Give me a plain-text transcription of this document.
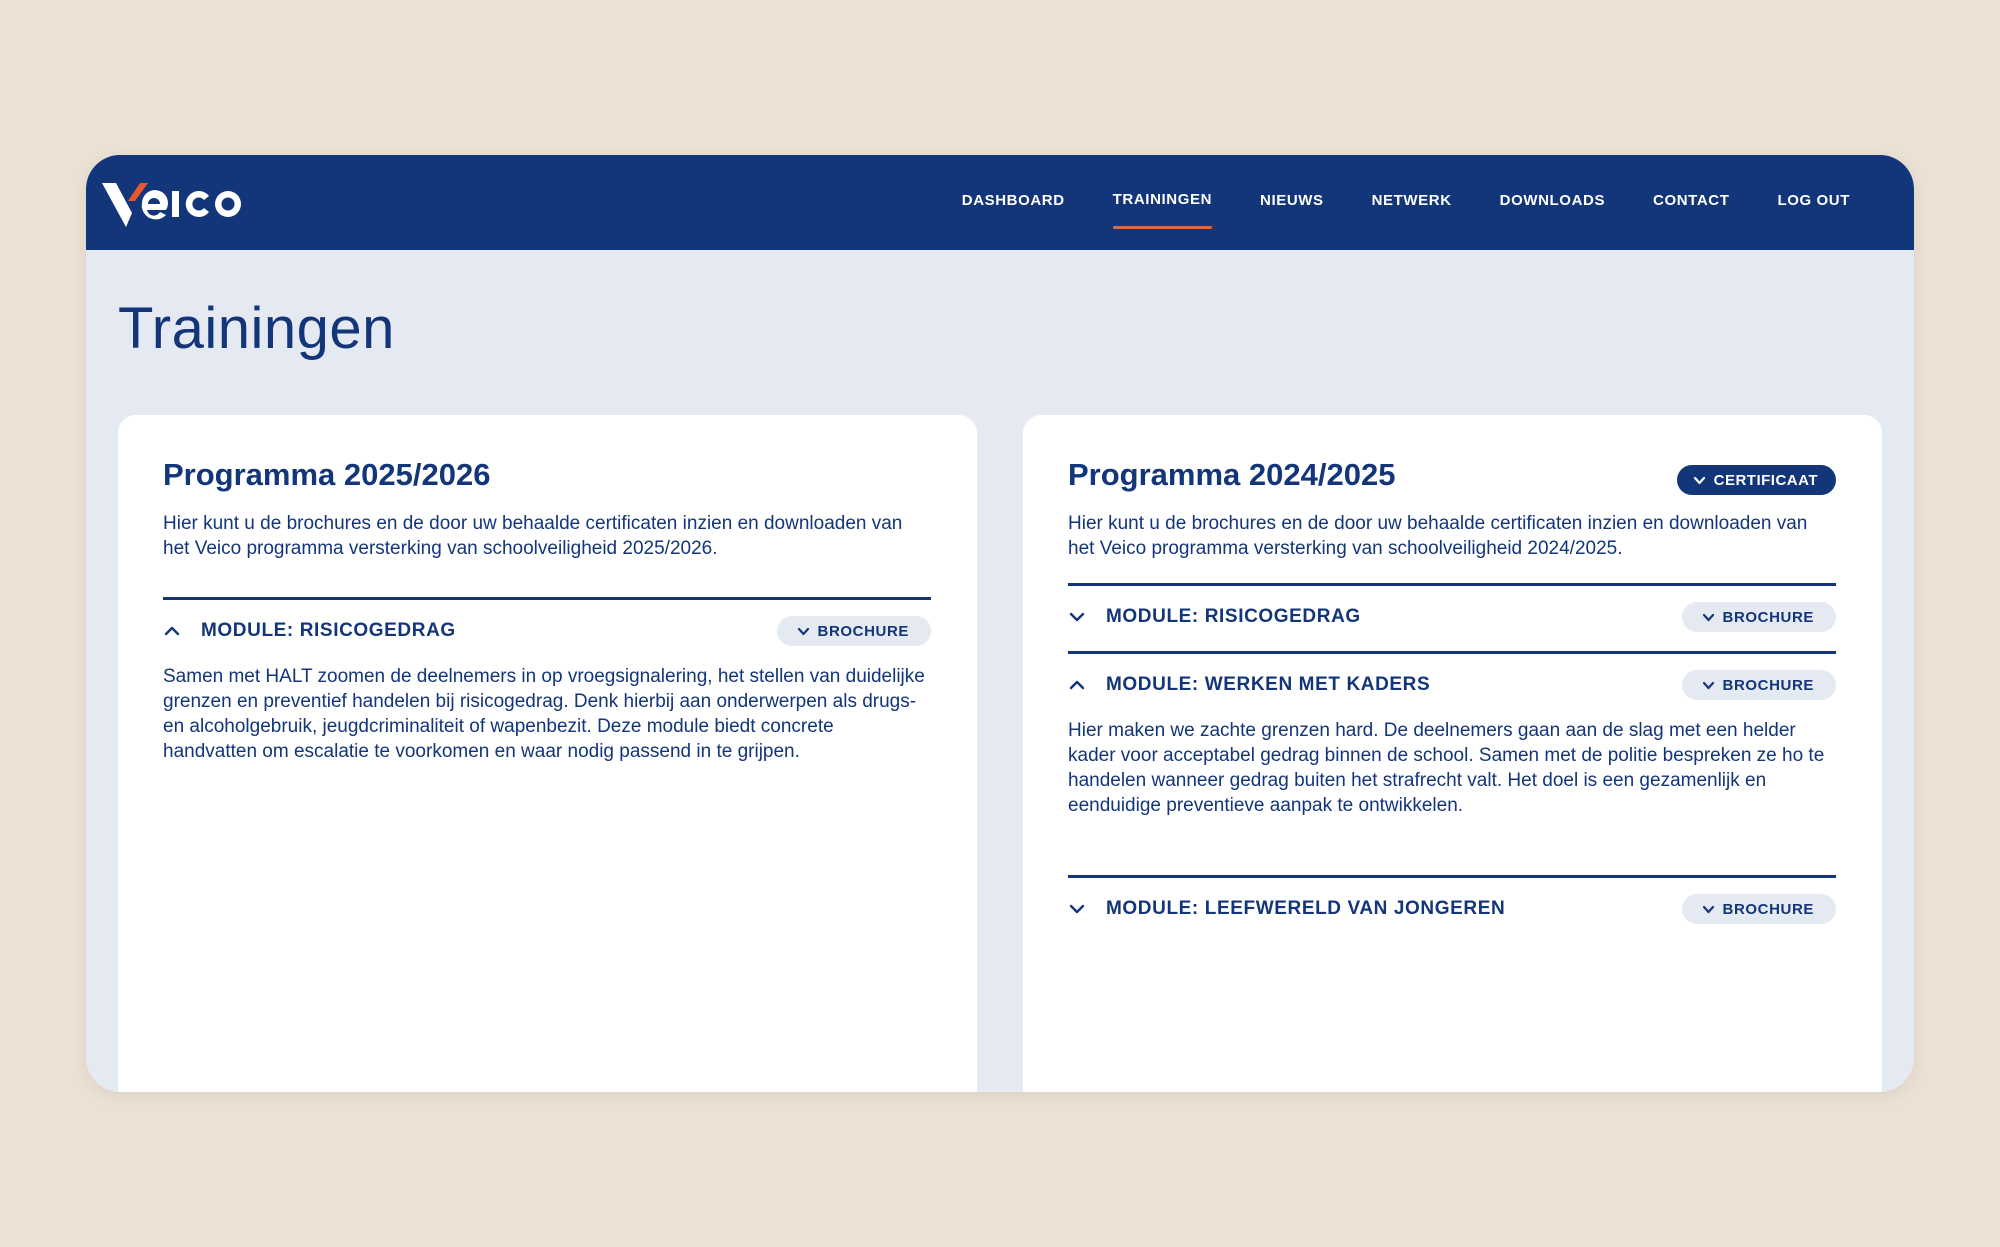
DASHBOARD	TRAININGEN	NIEUWS	NETWERK	DOWNLOADS	CONTACT	LOG OUT
Trainingen
Programma 2025/2026

Hier kunt u de brochures en de door uw behaalde certificaten inzien en downloaden van het Veico programma versterking van schoolveiligheid 2025/2026.

MODULE: RISICOGEDRAG	BROCHURE

Samen met HALT zoomen de deelnemers in op vroegsignalering, het stellen van duidelijke grenzen en preventief handelen bij risicogedrag. Denk hierbij aan onderwerpen als drugs- en alcoholgebruik, jeugdcriminaliteit of wapenbezit. Deze module biedt concrete handvatten om escalatie te voorkomen en waar nodig passend in te grijpen.

Programma 2024/2025	CERTIFICAAT

Hier kunt u de brochures en de door uw behaalde certificaten inzien en downloaden van het Veico programma versterking van schoolveiligheid 2024/2025.

MODULE: RISICOGEDRAG	BROCHURE
MODULE: WERKEN MET KADERS	BROCHURE

Hier maken we zachte grenzen hard. De deelnemers gaan aan de slag met een helder kader voor acceptabel gedrag binnen de school. Samen met de politie bespreken ze ho te handelen wanneer gedrag buiten het strafrecht valt. Het doel is een gezamenlijk en eenduidige preventieve aanpak te ontwikkelen.

MODULE: LEEFWERELD VAN JONGEREN	BROCHURE
